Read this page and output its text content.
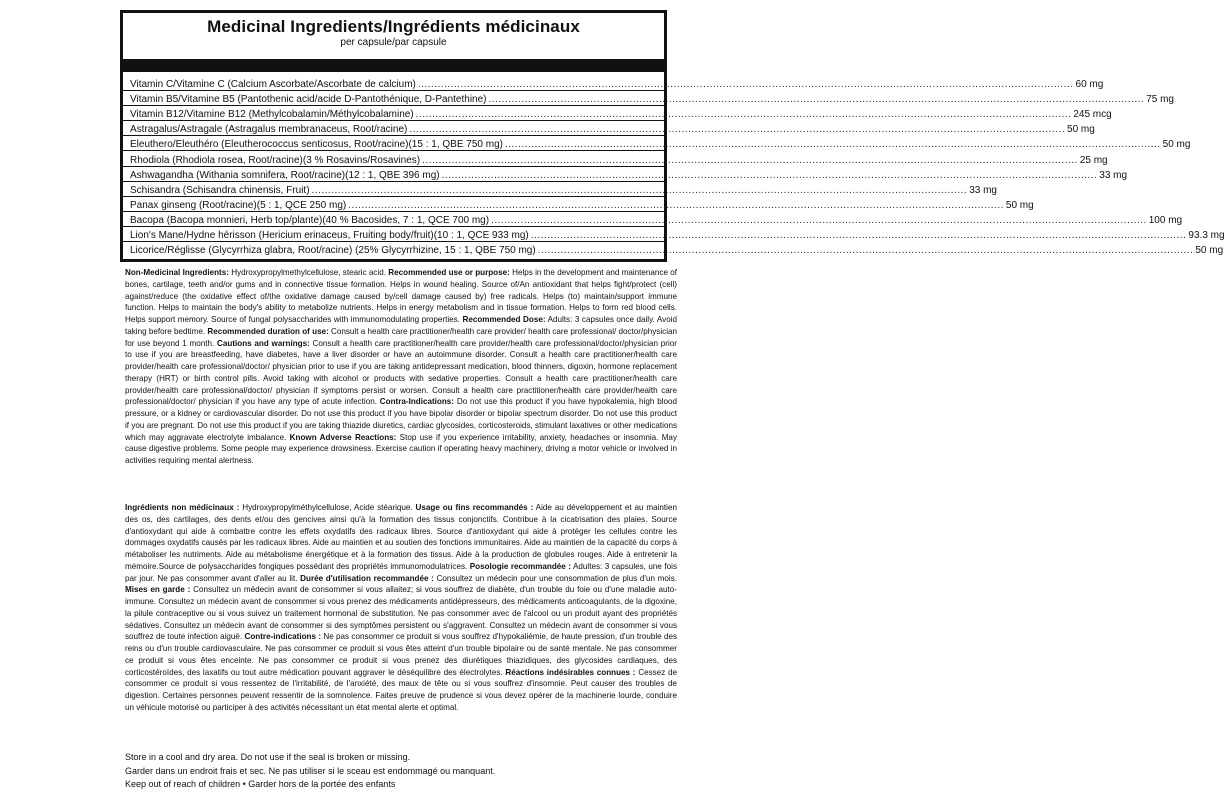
Medicinal Ingredients/Ingrédients médicinaux
per capsule/par capsule
Vitamin C/Vitamine C (Calcium Ascorbate/Ascorbate de calcium) ........................................................................................................................................................................................................ 60 mg
Vitamin B5/Vitamine B5 (Pantothenic acid/acide D-Pantothénique, D-Pantethine) ........................................................................................................................................................................................................ 75 mg
Vitamin B12/Vitamine B12 (Methylcobalamin/Méthylcobalamine) ........................................................................................................................................................................................................ 245 mcg
Astragalus/Astragale (Astragalus membranaceus, Root/racine) ........................................................................................................................................................................................................ 50 mg
Eleuthero/Eleuthéro (Eleutherococcus senticosus, Root/racine)(15 : 1, QBE 750 mg) ........................................................................................................................................................................................................ 50 mg
Rhodiola (Rhodiola rosea, Root/racine)(3 % Rosavins/Rosavines) ........................................................................................................................................................................................................ 25 mg
Ashwagandha (Withania somnifera, Root/racine)(12 : 1, QBE 396 mg) ........................................................................................................................................................................................................ 33 mg
Schisandra (Schisandra chinensis, Fruit) ........................................................................................................................................................................................................ 33 mg
Panax ginseng (Root/racine)(5 : 1, QCE 250 mg) ........................................................................................................................................................................................................ 50 mg
Bacopa (Bacopa monnieri, Herb top/plante)(40 % Bacosides, 7 : 1, QCE 700 mg) ........................................................................................................................................................................................................ 100 mg
Lion's Mane/Hydne hérisson (Hericium erinaceus, Fruiting body/fruit)(10 : 1, QCE 933 mg) ........................................................................................................................................................................................................ 93.3 mg
Licorice/Réglisse (Glycyrrhiza glabra, Root/racine) (25% Glycyrrhizine, 15 : 1, QBE 750 mg) ........................................................................................................................................................................................................ 50 mg
Non-Medicinal Ingredients: Hydroxypropylmethylcellulose, stearic acid. Recommended use or purpose: Helps in the development and maintenance of bones, cartilage, teeth and/or gums and in connective tissue formation. Helps in wound healing. Source of/An antioxidant that helps fight/protect (cell) against/reduce (the oxidative effect of/the oxidative damage caused by/cell damage caused by) free radicals. Helps (to) maintain/support immune function. Helps to maintain the body's ability to metabolize nutrients. Helps in energy metabolism and in tissue formation. Helps to form red blood cells. Helps support memory. Source of fungal polysaccharides with immunomodulating properties. Recommended Dose: Adults: 3 capsules once daily. Avoid taking before bedtime. Recommended duration of use: Consult a health care practitioner/health care provider/ health care professional/ doctor/physician for use beyond 1 month. Cautions and warnings: Consult a health care practitioner/health care provider/health care professional/doctor/physician prior to use if you are breastfeeding, have diabetes, have a liver disorder or have an autoimmune disorder. Consult a health care practitioner/health care provider/health care professional/doctor/ physician prior to use if you are taking antidepressant medication, blood thinners, digoxin, hormone replacement therapy (HRT) or birth control pills. Avoid taking with alcohol or products with sedative properties. Consult a health care practitioner/health care provider/health care professional/doctor/ physician if symptoms persist or worsen. Consult a health care practitioner/health care provider/health care professional/doctor/ physician if you have any type of acute infection. Contra-Indications: Do not use this product if you have hypokalemia, high blood pressure, or a kidney or cardiovascular disorder. Do not use this product if you have bipolar disorder or bipolar spectrum disorder. Do not use this product if you are pregnant. Do not use this product if you are taking thiazide diuretics, cardiac glycosides, corticosteroids, stimulant laxatives or other medications which may aggravate electrolyte imbalance. Known Adverse Reactions: Stop use if you experience irritability, anxiety, headaches or insomnia. May cause digestive problems. Some people may experience drowsiness. Exercise caution if operating heavy machinery, driving a motor vehicle or involved in activities requiring mental alertness.
Ingrédients non médicinaux : Hydroxypropylméthylcellulose, Acide stéarique. Usage ou fins recommandés : Aide au développement et au maintien des os, des cartilages, des dents et/ou des gencives ainsi qu'à la formation des tissus conjonctifs. Contribue à la cicatrisation des plaies. Source d'antioxydant qui aide à combattre contre les effets oxydatifs des radicaux libres. Source d'antioxydant qui aide à protéger les cellules contre les dommages oxydatifs causés par les radicaux libres. Aide au maintien et au soutien des fonctions immunitaires. Aide au maintien de la capacité du corps à métaboliser les nutriments. Aide au métabolisme énergétique et à la formation des tissus. Aide à la production de globules rouges. Aide à entretenir la mémoire.Source de polysaccharides fongiques possédant des propriétés immunomodulatrices. Posologie recommandée : Adultes: 3 capsules, une fois par jour. Ne pas consommer avant d'aller au lit. Durée d'utilisation recommandée : Consultez un médecin pour une consommation de plus d'un mois. Mises en garde : Consultez un médecin avant de consommer si vous allaitez; si vous souffrez de diabète, d'un trouble du foie ou d'une maladie auto-immune. Consultez un médecin avant de consommer si vous prenez des médicaments antidépresseurs, des médicaments anticoagulants, de la digoxine, la pilule contraceptive ou si vous suivez un traitement hormonal de substitution. Ne pas consommer avec de l'alcool ou un produit ayant des propriétés sédatives. Consultez un médecin avant de consommer si des symptômes persistent ou s'aggravent. Consultez un médecin avant de consommer si vous souffrez de toute infection aiguë. Contre-indications : Ne pas consommer ce produit si vous souffrez d'hypokaliémie, de haute pression, d'un trouble des reins ou d'un trouble cardiovasculaire. Ne pas consommer ce produit si vous êtes atteint d'un trouble bipolaire ou de santé mentale. Ne pas consommer ce produit si vous êtes enceinte. Ne pas consommer ce produit si vous prenez des diurétiques thiazidiques, des glycosides cardiaques, des corticostéroïdes, des laxatifs ou tout autre médication pouvant aggraver le déséquilibre des électrolytes. Réactions indésirables connues : Cessez de consommer ce produit si vous ressentez de l'irritabilité, de l'anxiété, des maux de tête ou si vous souffrez d'insomnie. Peut causer des troubles de digestion. Certaines personnes peuvent ressentir de la somnolence. Faites preuve de prudence si vous devez opérer de la machinerie lourde, conduire un véhicule motorisé ou participer à des activités nécessitant un état mental alerte et optimal.
Store in a cool and dry area. Do not use if the seal is broken or missing.
Garder dans un endroit frais et sec. Ne pas utiliser si le sceau est endommagé ou manquant.
Keep out of reach of children • Garder hors de la portée des enfants
